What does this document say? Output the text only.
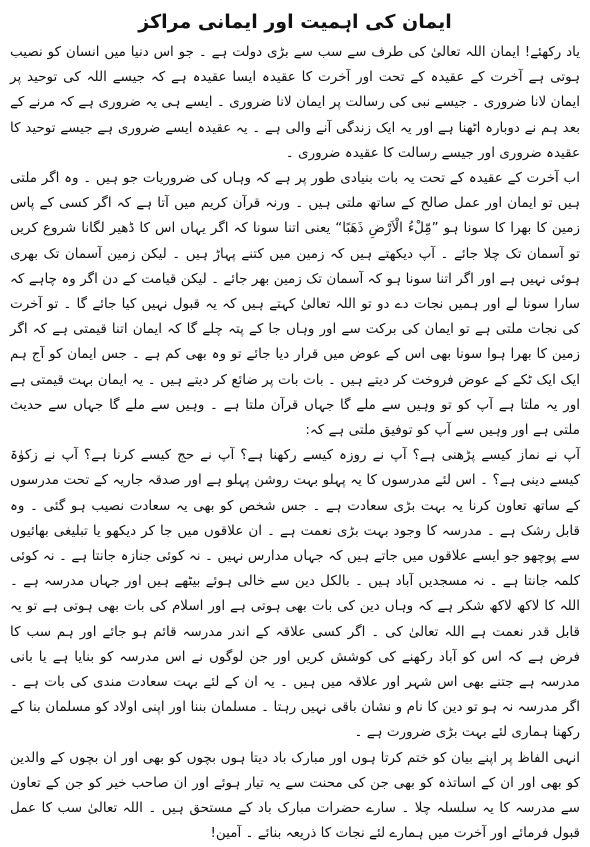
ایمان کی اہمیت اور ایمانی مراکز

یاد رکھئے! ایمان اللہ تعالیٰ کی طرف سے سب سے بڑی دولت ہے ۔ جو اس دنیا میں انسان کو نصیب ہوتی ہے آخرت کے عقیدہ کے تحت اور آخرت کا عقیدہ ایسا عقیدہ ہے کہ جیسے اللہ کی توحید پر ایمان لانا ضروری ۔ جیسے نبی کی رسالت پر ایمان لانا ضروری ۔ ایسے ہی یہ ضروری ہے کہ مرنے کے بعد ہم نے دوبارہ اٹھنا ہے اور یہ ایک زندگی آنے والی ہے ۔ یہ عقیدہ ایسے ضروری ہے جیسے توحید کا عقیدہ ضروری اور جیسے رسالت کا عقیدہ ضروری ۔

اب آخرت کے عقیدہ کے تحت یہ بات بنیادی طور پر ہے کہ وہاں کی ضروریات جو ہیں ۔ وہ اگر ملتی ہیں تو ایمان اور عمل صالح کے ساتھ ملتی ہیں ۔ ورنہ قرآن کریم میں آتا ہے کہ اگر کسی کے پاس زمین کا بھرا کا سونا ہو ”مِّلْءُ الْاَرْضِ ذَهَبًا“ یعنی اتنا سونا کہ اگر یہاں اس کا ڈھیر لگانا شروع کریں تو آسمان تک چلا جائے ۔ آپ دیکھتے ہیں کہ زمین میں کتنے پہاڑ ہیں ۔ لیکن زمین آسمان تک بھری ہوئی نہیں ہے اور اگر اتنا سونا ہو کہ آسمان تک زمین بھر جائے ۔ لیکن قیامت کے دن اگر وہ چاہے کہ سارا سونا لے اور ہمیں نجات دے دو تو اللہ تعالیٰ کہتے ہیں کہ یہ قبول نہیں کیا جائے گا ۔ تو آخرت کی نجات ملتی ہے تو ایمان کی برکت سے اور وہاں جا کے پتہ چلے گا کہ ایمان اتنا قیمتی ہے کہ اگر زمین کا بھرا ہوا سونا بھی اس کے عوض میں قرار دیا جائے تو وہ بھی کم ہے ۔ جس ایمان کو آج ہم ایک ایک ٹکے کے عوض فروخت کر دیتے ہیں ۔ بات بات پر ضائع کر دیتے ہیں ۔ یہ ایمان بہت قیمتی ہے اور یہ ملتا ہے آپ کو تو وہیں سے ملے گا جہاں قرآن ملتا ہے ۔ وہیں سے ملے گا جہاں سے حدیث ملتی ہے اور وہیں سے آپ کو توفیق ملتی ہے کہ:

آپ نے نماز کیسے پڑھنی ہے؟ آپ نے روزہ کیسے رکھنا ہے؟ آپ نے حج کیسے کرنا ہے؟ آپ نے زکوٰۃ کیسے دینی ہے؟ ۔ اس لئے مدرسوں کا یہ پہلو بہت روشن پہلو ہے اور صدقہ جاریہ کے تحت مدرسوں کے ساتھ تعاون کرنا یہ بہت بڑی سعادت ہے ۔ جس شخص کو بھی یہ سعادت نصیب ہو گئی ۔ وہ قابل رشک ہے ۔ مدرسہ کا وجود بہت بڑی نعمت ہے ۔ ان علاقوں میں جا کر دیکھو یا تبلیغی بھائیوں سے پوچھو جو ایسے علاقوں میں جاتے ہیں کہ جہاں مدارس نہیں ۔ نہ کوئی جنازہ جانتا ہے ۔ نہ کوئی کلمہ جانتا ہے ۔ نہ مسجدیں آباد ہیں ۔ بالکل دین سے خالی ہوئے بیٹھے ہیں اور جہاں مدرسہ ہے ۔ اللہ کا لاکھ لاکھ شکر ہے کہ وہاں دین کی بات بھی ہوتی ہے اور اسلام کی بات بھی ہوتی ہے تو یہ قابل قدر نعمت ہے اللہ تعالیٰ کی ۔ اگر کسی علاقہ کے اندر مدرسہ قائم ہو جائے اور ہم سب کا فرض ہے کہ اس کو آباد رکھنے کی کوشش کریں اور جن لوگوں نے اس مدرسہ کو بنایا ہے یا بانی مدرسہ ہے جتنے بھی اس شہر اور علاقہ میں ہیں ۔ یہ ان کے لئے بہت سعادت مندی کی بات ہے ۔ اگر مدرسہ نہ ہو تو دین کا نام و نشان باقی نہیں رہتا ۔ مسلمان بننا اور اپنی اولاد کو مسلمان بنا کے رکھنا ہماری لئے بہت بڑی ضرورت ہے ۔

انہی الفاظ پر اپنے بیان کو ختم کرتا ہوں اور مبارک باد دیتا ہوں بچوں کو بھی اور ان بچوں کے والدین کو بھی اور ان کے اساتذہ کو بھی جن کی محنت سے یہ تیار ہوئے اور ان صاحب خیر کو جن کے تعاون سے مدرسہ کا یہ سلسلہ چلا ۔ سارے حضرات مبارک باد کے مستحق ہیں ۔ اللہ تعالیٰ سب کا عمل قبول فرمائے اور آخرت میں ہمارے لئے نجات کا ذریعہ بنائے ۔ آمین!
